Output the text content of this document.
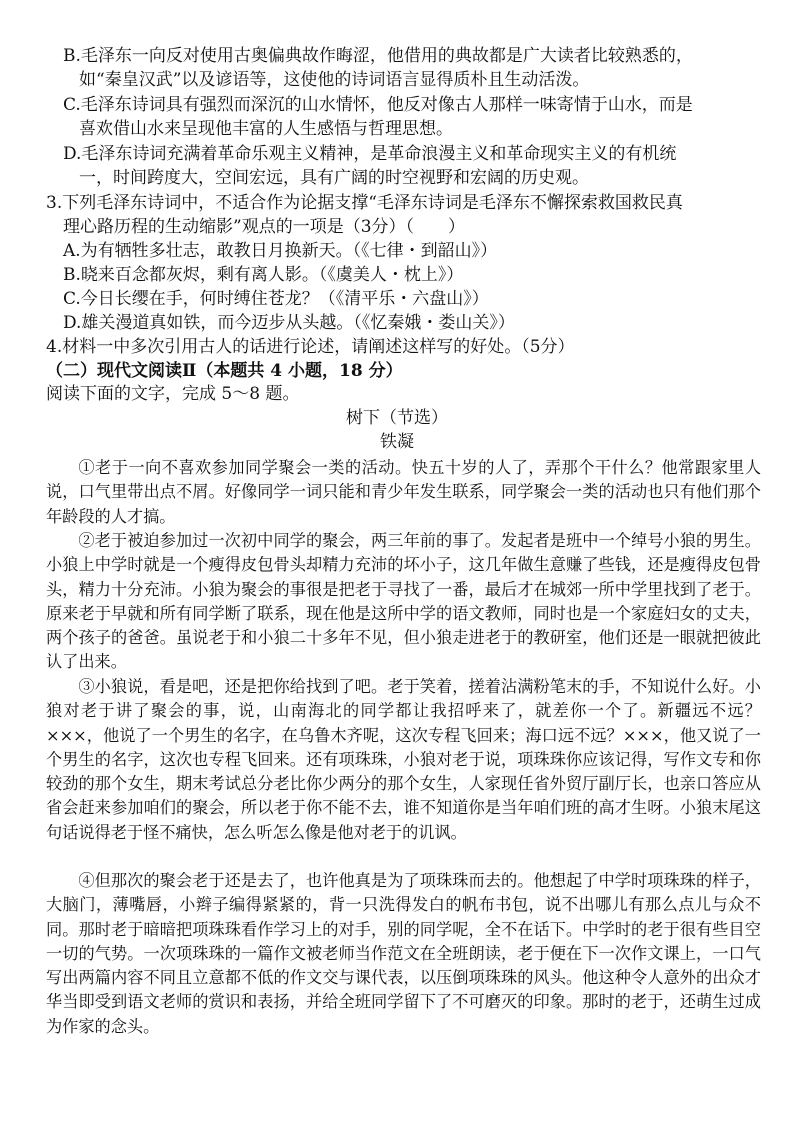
B.毛泽东一向反对使用古奥偏典故作晦涩，他借用的典故都是广大读者比较熟悉的，
如“秦皇汉武”以及谚语等，这使他的诗词语言显得质朴且生动活泼。
C.毛泽东诗词具有强烈而深沉的山水情怀，他反对像古人那样一味寄情于山水，而是
喜欢借山水来呈现他丰富的人生感悟与哲理思想。
D.毛泽东诗词充满着革命乐观主义精神，是革命浪漫主义和革命现实主义的有机统
一，时间跨度大，空间宏远，具有广阔的时空视野和宏阔的历史观。
3.下列毛泽东诗词中，不适合作为论据支撑“毛泽东诗词是毛泽东不懈探索救国救民真
理心路历程的生动缩影”观点的一项是（3分）（　　）
A.为有牺牲多壮志，敢教日月换新天。（《七律・到韶山》）
B.晓来百念都灰烬，剩有离人影。（《虞美人・枕上》）
C.今日长缨在手，何时缚住苍龙？（《清平乐・六盘山》）
D.雄关漫道真如铁，而今迈步从头越。（《忆秦娥・娄山关》）
4.材料一中多次引用古人的话进行论述，请阐述这样写的好处。（5分）
（二）现代文阅读Ⅱ（本题共 4 小题，18 分）
阅读下面的文字，完成 5～8 题。
树下（节选）
铁凝

①老于一向不喜欢参加同学聚会一类的活动。快五十岁的人了，弄那个干什么？他常跟家里人说，口气里带出点不屑。好像同学一词只能和青少年发生联系，同学聚会一类的活动也只有他们那个年龄段的人才搞。

②老于被迫参加过一次初中同学的聚会，两三年前的事了。发起者是班中一个绰号小狼的男生。小狼上中学时就是一个瘦得皮包骨头却精力充沛的坏小子，这几年做生意赚了些钱，还是瘦得皮包骨头，精力十分充沛。小狼为聚会的事很是把老于寻找了一番，最后才在城郊一所中学里找到了老于。原来老于早就和所有同学断了联系，现在他是这所中学的语文教师，同时也是一个家庭妇女的丈夫，两个孩子的爸爸。虽说老于和小狼二十多年不见，但小狼走进老于的教研室，他们还是一眼就把彼此认了出来。

③小狼说，看是吧，还是把你给找到了吧。老于笑着，搓着沾满粉笔末的手，不知说什么好。小狼对老于讲了聚会的事，说，山南海北的同学都让我招呼来了，就差你一个了。新疆远不远？×××，他说了一个男生的名字，在乌鲁木齐呢，这次专程飞回来；海口远不远？×××，他又说了一个男生的名字，这次也专程飞回来。还有项珠珠，小狼对老于说，项珠珠你应该记得，写作文专和你较劲的那个女生，期末考试总分老比你少两分的那个女生，人家现任省外贸厅副厅长，也亲口答应从省会赶来参加咱们的聚会，所以老于你不能不去，谁不知道你是当年咱们班的高才生呀。小狼末尾这句话说得老于怪不痛快，怎么听怎么像是他对老于的讥讽。

④但那次的聚会老于还是去了，也许他真是为了项珠珠而去的。他想起了中学时项珠珠的样子，大脑门，薄嘴唇，小辫子编得紧紧的，背一只洗得发白的帆布书包，说不出哪儿有那么点儿与众不同。那时老于暗暗把项珠珠看作学习上的对手，别的同学呢，全不在话下。中学时的老于很有些目空一切的气势。一次项珠珠的一篇作文被老师当作范文在全班朗读，老于便在下一次作文课上，一口气写出两篇内容不同且立意都不低的作文交与课代表，以压倒项珠珠的风头。他这种令人意外的出众才华当即受到语文老师的赏识和表扬，并给全班同学留下了不可磨灭的印象。那时的老于，还萌生过成为作家的念头。
